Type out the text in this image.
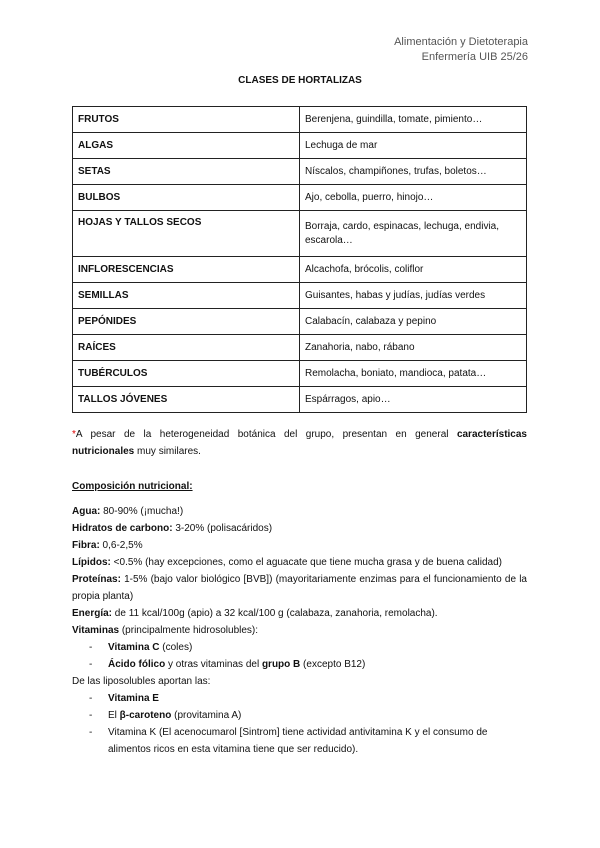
Alimentación y Dietoterapia
Enfermería UIB 25/26
CLASES DE HORTALIZAS
FRUTOS	Berenjena, guindilla, tomate, pimiento…
ALGAS	Lechuga de mar
SETAS	Níscalos, champiñones, trufas, boletos…
BULBOS	Ajo, cebolla, puerro, hinojo…
HOJAS Y TALLOS SECOS	Borraja, cardo, espinacas, lechuga, endivia, escarola…
INFLORESCENCIAS	Alcachofa, brócolis, coliflor
SEMILLAS	Guisantes, habas y judías, judías verdes
PEPÓNIDES	Calabacín, calabaza y pepino
RAÍCES	Zanahoria, nabo, rábano
TUBÉRCULOS	Remolacha, boniato, mandioca, patata…
TALLOS JÓVENES	Espárragos, apio…
*A pesar de la heterogeneidad botánica del grupo, presentan en general características nutricionales muy similares.

Composición nutricional:

Agua: 80-90% (¡mucha!)

Hidratos de carbono: 3-20% (polisacáridos)

Fibra: 0,6-2,5%

Lípidos: <0.5% (hay excepciones, como el aguacate que tiene mucha grasa y de buena calidad)

Proteínas: 1-5% (bajo valor biológico [BVB]) (mayoritariamente enzimas para el funcionamiento de la propia planta)

Energía: de 11 kcal/100g (apio) a 32 kcal/100 g (calabaza, zanahoria, remolacha).

Vitaminas (principalmente hidrosolubles):

- Vitamina C (coles)
- Ácido fólico y otras vitaminas del grupo B (excepto B12)

De las liposolubles aportan las:

- Vitamina E
- El β-caroteno (provitamina A)
- Vitamina K (El acenocumarol [Sintrom] tiene actividad antivitamina K y el consumo de alimentos ricos en esta vitamina tiene que ser reducido).
